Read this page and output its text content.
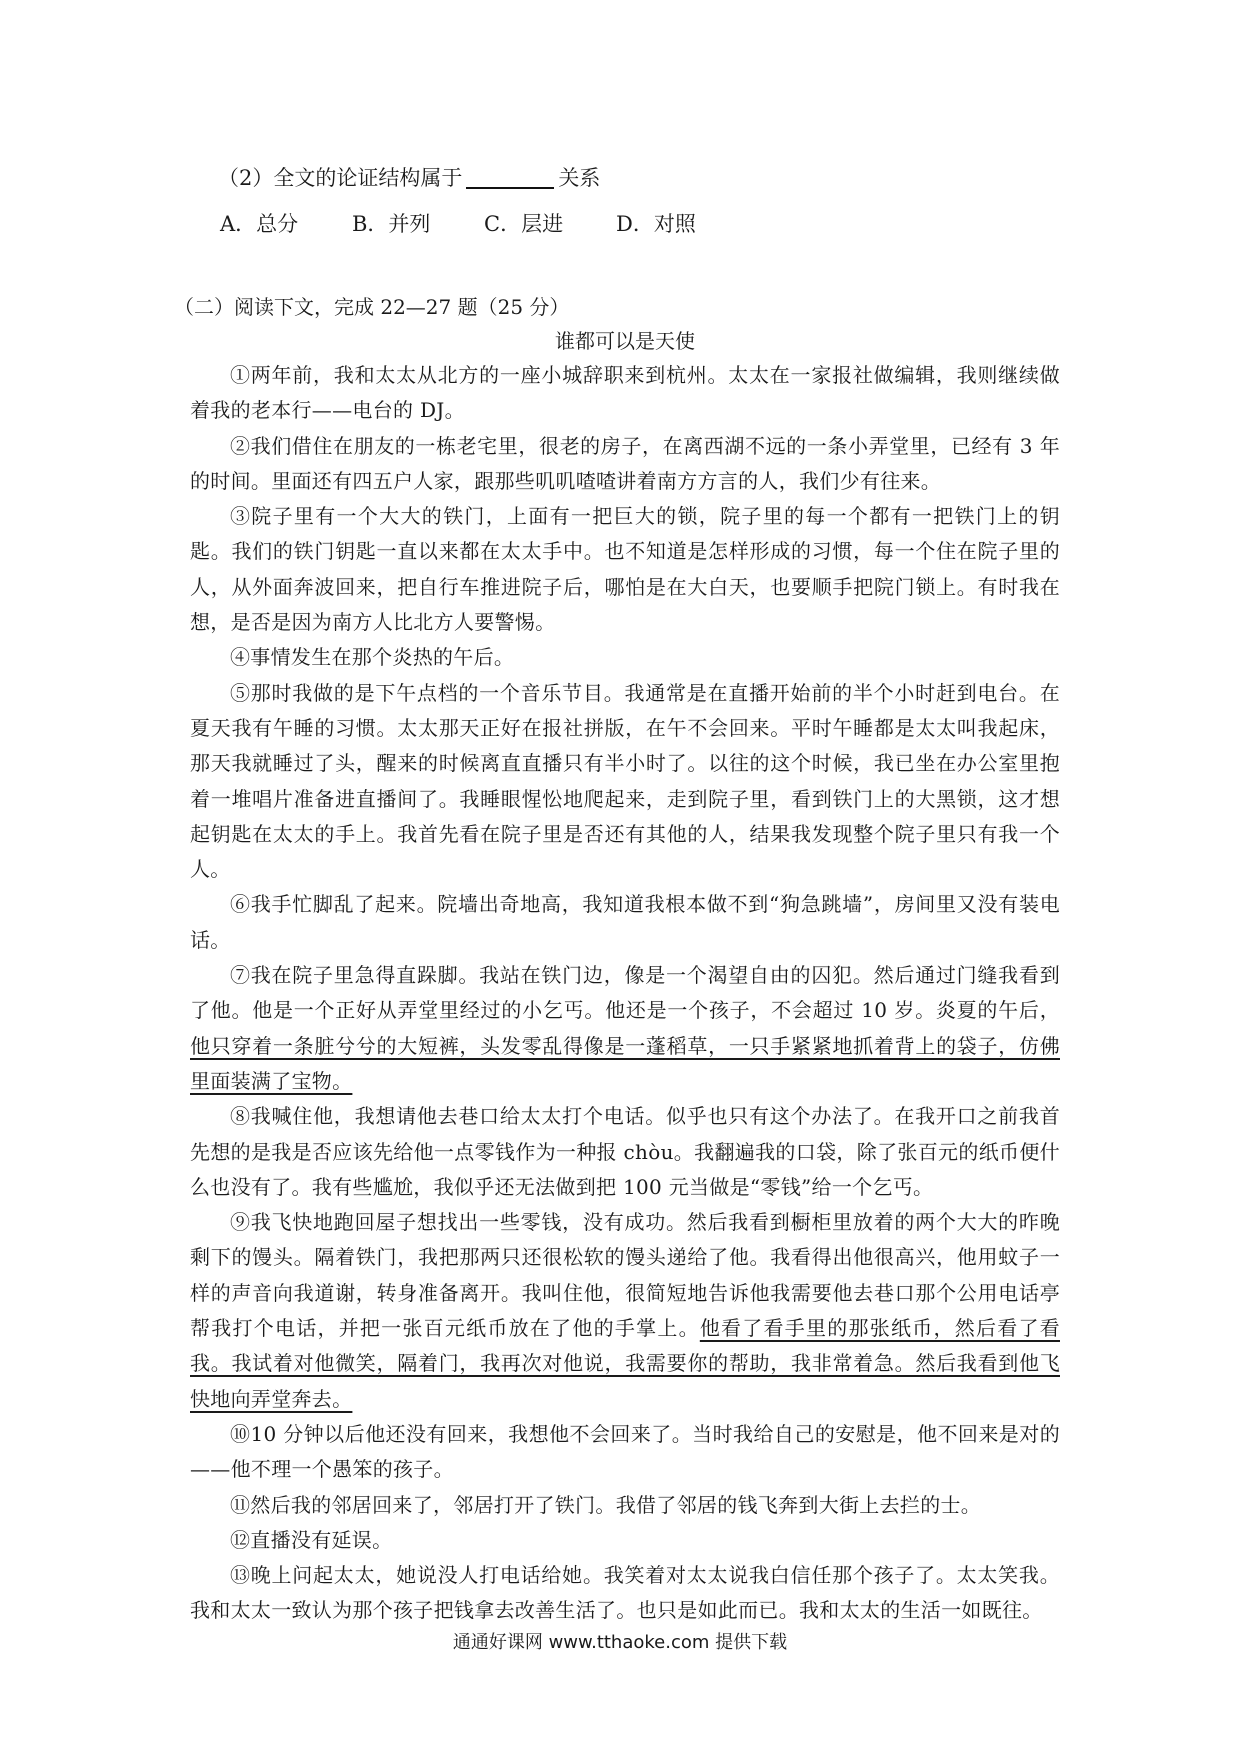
（2）全文的论证结构属于	关系
A．总分	B．并列	C．层进	D．对照

（二）阅读下文，完成 22—27 题（25 分）

谁都可以是天使

①两年前，我和太太从北方的一座小城辞职来到杭州。太太在一家报社做编辑，我则继续做着我的老本行——电台的 DJ。

②我们借住在朋友的一栋老宅里，很老的房子，在离西湖不远的一条小弄堂里，已经有 3 年的时间。里面还有四五户人家，跟那些叽叽喳喳讲着南方方言的人，我们少有往来。

③院子里有一个大大的铁门，上面有一把巨大的锁，院子里的每一个都有一把铁门上的钥匙。我们的铁门钥匙一直以来都在太太手中。也不知道是怎样形成的习惯，每一个住在院子里的人，从外面奔波回来，把自行车推进院子后，哪怕是在大白天，也要顺手把院门锁上。有时我在想，是否是因为南方人比北方人要警惕。

④事情发生在那个炎热的午后。

⑤那时我做的是下午点档的一个音乐节目。我通常是在直播开始前的半个小时赶到电台。在夏天我有午睡的习惯。太太那天正好在报社拼版，在午不会回来。平时午睡都是太太叫我起床，那天我就睡过了头，醒来的时候离直直播只有半小时了。以往的这个时候，我已坐在办公室里抱着一堆唱片准备进直播间了。我睡眼惺忪地爬起来，走到院子里，看到铁门上的大黑锁，这才想起钥匙在太太的手上。我首先看在院子里是否还有其他的人，结果我发现整个院子里只有我一个人。

⑥我手忙脚乱了起来。院墙出奇地高，我知道我根本做不到“狗急跳墙”，房间里又没有装电话。

⑦我在院子里急得直跺脚。我站在铁门边，像是一个渴望自由的囚犯。然后通过门缝我看到了他。他是一个正好从弄堂里经过的小乞丐。他还是一个孩子，不会超过 10 岁。炎夏的午后，他只穿着一条脏兮兮的大短裤，头发零乱得像是一蓬稻草，一只手紧紧地抓着背上的袋子，仿佛里面装满了宝物。

⑧我喊住他，我想请他去巷口给太太打个电话。似乎也只有这个办法了。在我开口之前我首先想的是我是否应该先给他一点零钱作为一种报 chòu。我翻遍我的口袋，除了张百元的纸币便什么也没有了。我有些尴尬，我似乎还无法做到把 100 元当做是“零钱”给一个乞丐。

⑨我飞快地跑回屋子想找出一些零钱，没有成功。然后我看到橱柜里放着的两个大大的昨晚剩下的馒头。隔着铁门，我把那两只还很松软的馒头递给了他。我看得出他很高兴，他用蚊子一样的声音向我道谢，转身准备离开。我叫住他，很简短地告诉他我需要他去巷口那个公用电话亭帮我打个电话，并把一张百元纸币放在了他的手掌上。他看了看手里的那张纸币，然后看了看我。我试着对他微笑，隔着门，我再次对他说，我需要你的帮助，我非常着急。然后我看到他飞快地向弄堂奔去。

⑩10 分钟以后他还没有回来，我想他不会回来了。当时我给自己的安慰是，他不回来是对的——他不理一个愚笨的孩子。

⑪然后我的邻居回来了，邻居打开了铁门。我借了邻居的钱飞奔到大街上去拦的士。

⑫直播没有延误。

⑬晚上问起太太，她说没人打电话给她。我笑着对太太说我白信任那个孩子了。太太笑我。我和太太一致认为那个孩子把钱拿去改善生活了。也只是如此而已。我和太太的生活一如既往。

通通好课网 www.tthaoke.com 提供下载
